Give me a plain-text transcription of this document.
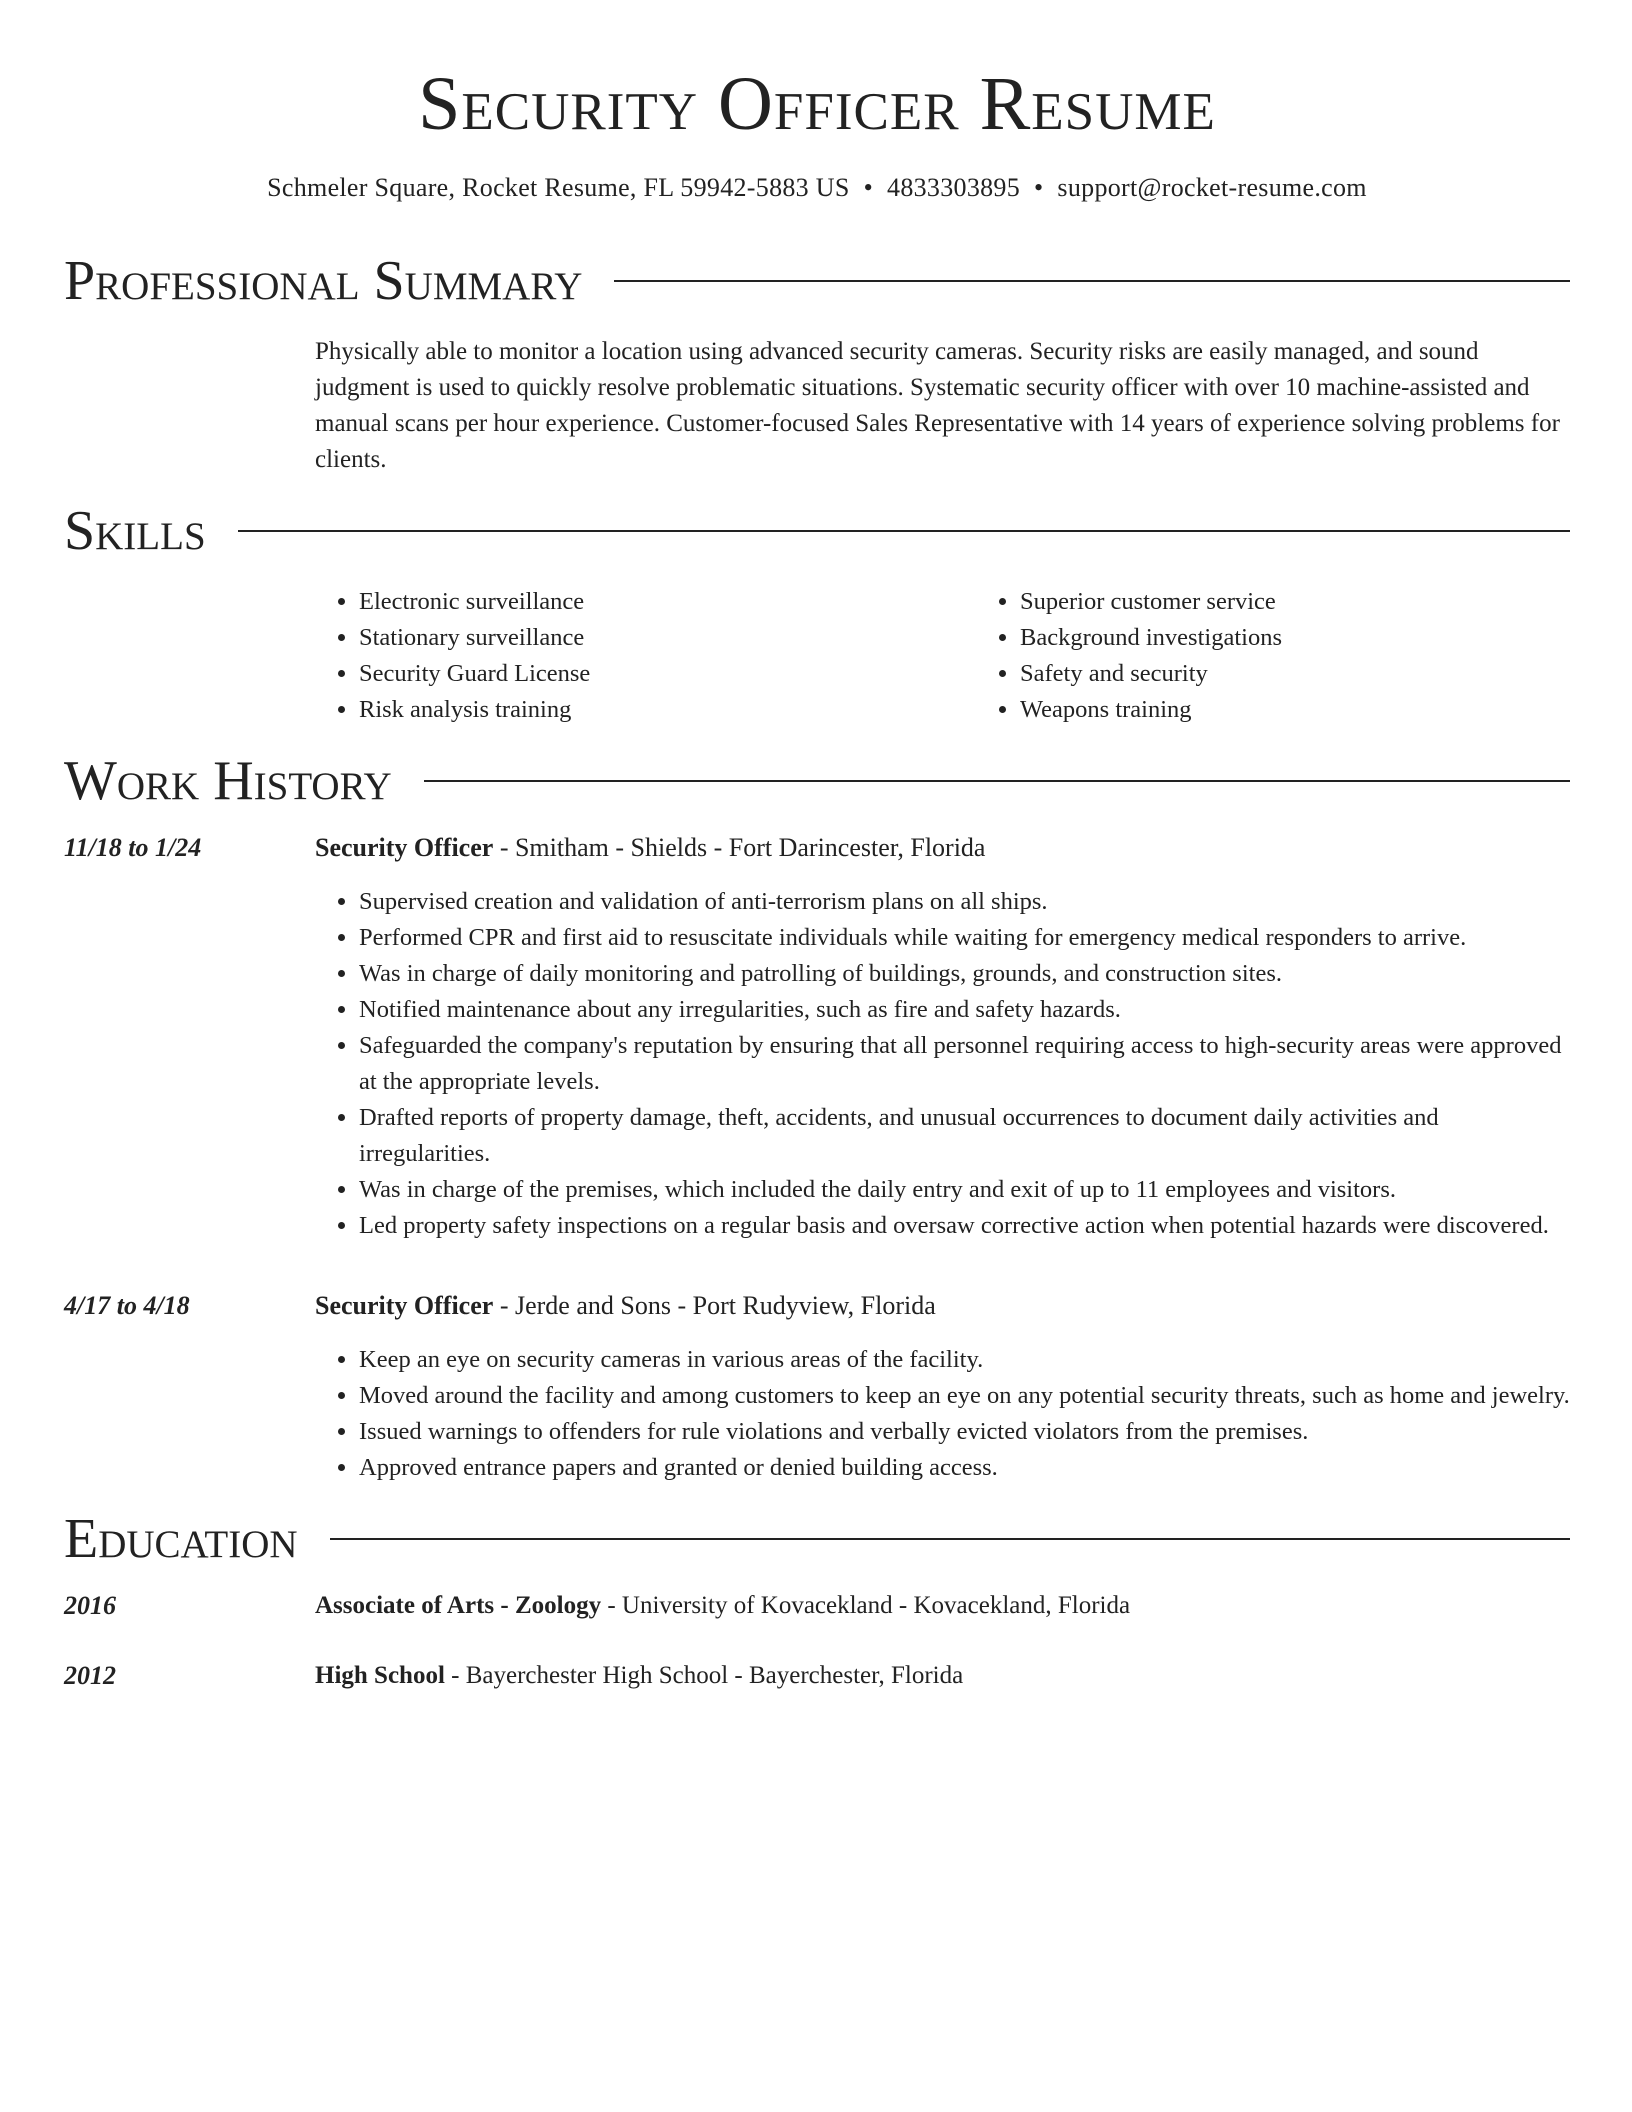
Security Officer Resume
Schmeler Square, Rocket Resume, FL 59942-5883 US • 4833303895 • support@rocket-resume.com
Professional Summary
Physically able to monitor a location using advanced security cameras. Security risks are easily managed, and sound judgment is used to quickly resolve problematic situations. Systematic security officer with over 10 machine-assisted and manual scans per hour experience. Customer-focused Sales Representative with 14 years of experience solving problems for clients.
Skills
• Electronic surveillance
• Stationary surveillance
• Security Guard License
• Risk analysis training
• Superior customer service
• Background investigations
• Safety and security
• Weapons training
Work History
11/18 to 1/24	Security Officer - Smitham - Shields - Fort Darincester, Florida
• Supervised creation and validation of anti-terrorism plans on all ships.
• Performed CPR and first aid to resuscitate individuals while waiting for emergency medical responders to arrive.
• Was in charge of daily monitoring and patrolling of buildings, grounds, and construction sites.
• Notified maintenance about any irregularities, such as fire and safety hazards.
• Safeguarded the company's reputation by ensuring that all personnel requiring access to high-security areas were approved at the appropriate levels.
• Drafted reports of property damage, theft, accidents, and unusual occurrences to document daily activities and irregularities.
• Was in charge of the premises, which included the daily entry and exit of up to 11 employees and visitors.
• Led property safety inspections on a regular basis and oversaw corrective action when potential hazards were discovered.
4/17 to 4/18	Security Officer - Jerde and Sons - Port Rudyview, Florida
• Keep an eye on security cameras in various areas of the facility.
• Moved around the facility and among customers to keep an eye on any potential security threats, such as home and jewelry.
• Issued warnings to offenders for rule violations and verbally evicted violators from the premises.
• Approved entrance papers and granted or denied building access.
Education
2016	Associate of Arts - Zoology - University of Kovacekland - Kovacekland, Florida
2012	High School - Bayerchester High School - Bayerchester, Florida
